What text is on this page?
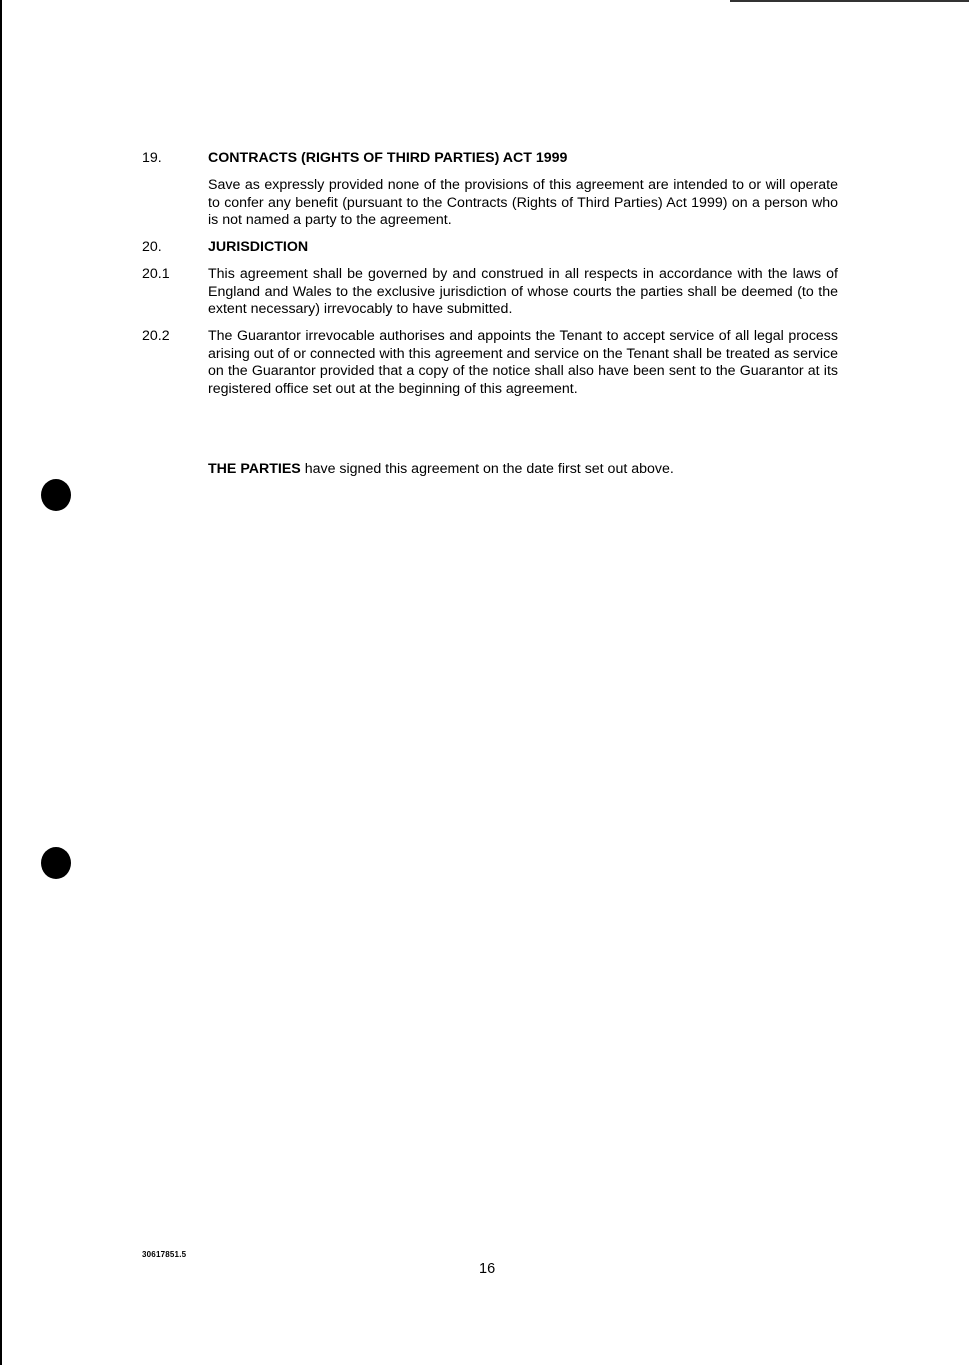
19.	CONTRACTS (RIGHTS OF THIRD PARTIES) ACT 1999
Save as expressly provided none of the provisions of this agreement are intended to or will operate to confer any benefit (pursuant to the Contracts (Rights of Third Parties) Act 1999) on a person who is not named a party to the agreement.
20.	JURISDICTION
20.1	This agreement shall be governed by and construed in all respects in accordance with the laws of England and Wales to the exclusive jurisdiction of whose courts the parties shall be deemed (to the extent necessary) irrevocably to have submitted.
20.2	The Guarantor irrevocable authorises and appoints the Tenant to accept service of all legal process arising out of or connected with this agreement and service on the Tenant shall be treated as service on the Guarantor provided that a copy of the notice shall also have been sent to the Guarantor at its registered office set out at the beginning of this agreement.
THE PARTIES have signed this agreement on the date first set out above.
30617851.5
16
